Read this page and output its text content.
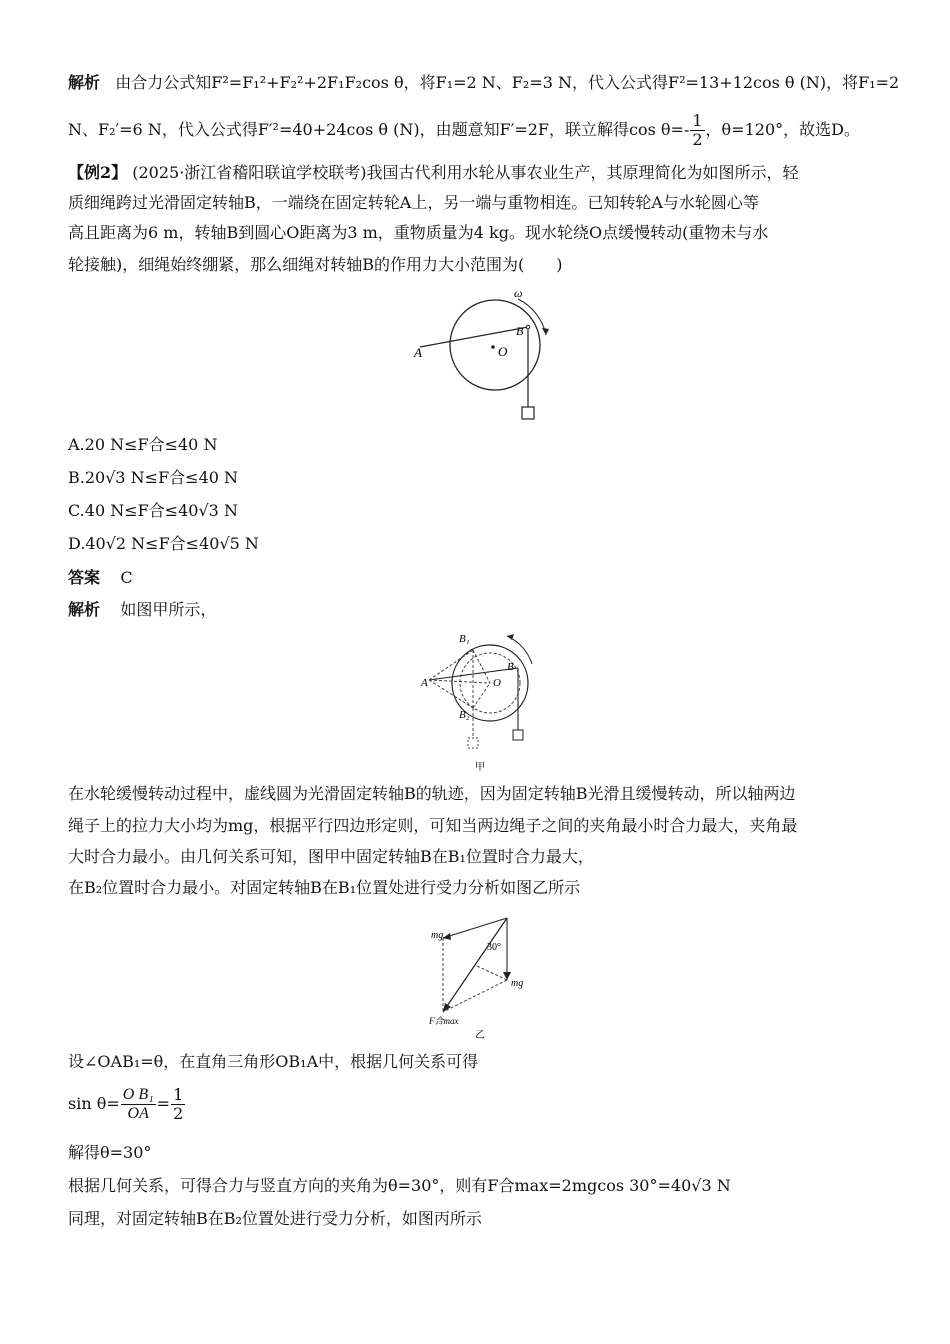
解析 由合力公式知F²=F₁²+F₂²+2F₁F₂cos θ，将F₁=2 N、F₂=3 N，代入公式得F²=13+12cos θ (N)，将F₁=2
N、F₂′=6 N，代入公式得F′²=40+24cos θ (N)，由题意知F′=2F，联立解得$\cos \theta=- \frac{1}{2}$ ，θ=120°，故选D。
【例2】 (2025·浙江省稽阳联谊学校联考)我国古代利用水轮从事农业生产，其原理简化为如图所示，轻
质细绳跨过光滑固定转轴B，一端绕在固定转轮A上，另一端与重物相连。已知转轮A与水轮圆心等
高且距离为6 m，转轴B到圆心O距离为3 m，重物质量为4 kg。现水轮绕O点缓慢转动(重物未与水
轮接触)，细绳始终绷紧，那么细绳对转轴B的作用力大小范围为(　　)
A	O
B
ω
A.20 N≤F合≤40 N
B.20√3 N≤F合≤40 N
C.40 N≤F合≤40√3 N
D.40√2 N≤F合≤40√5 N
答案 C
解析 如图甲所示，
A	O
B
B₁
B₂
甲
在水轮缓慢转动过程中，虚线圆为光滑固定转轴B的轨迹，因为固定转轴B光滑且缓慢转动，所以轴两边
绳子上的拉力大小均为mg，根据平行四边形定则，可知当两边绳子之间的夹角最小时合力最大，夹角最
大时合力最小。由几何关系可知，图甲中固定转轴B在B₁位置时合力最大，
在B₂位置时合力最小。对固定转轴B在B₁位置处进行受力分析如图乙所示
mg
mg
30°
F合max
乙
设∠OAB₁=θ，在直角三角形OB₁A中，根据几何关系可得
$\sin \theta= \frac{\text{O B₁}}{OA} = \frac{1}{2}$
解得θ=30°
根据几何关系，可得合力与竖直方向的夹角为θ=30°，则有F合max=2mgcos 30°=40√3 N
同理，对固定转轴B在B₂位置处进行受力分析，如图丙所示
